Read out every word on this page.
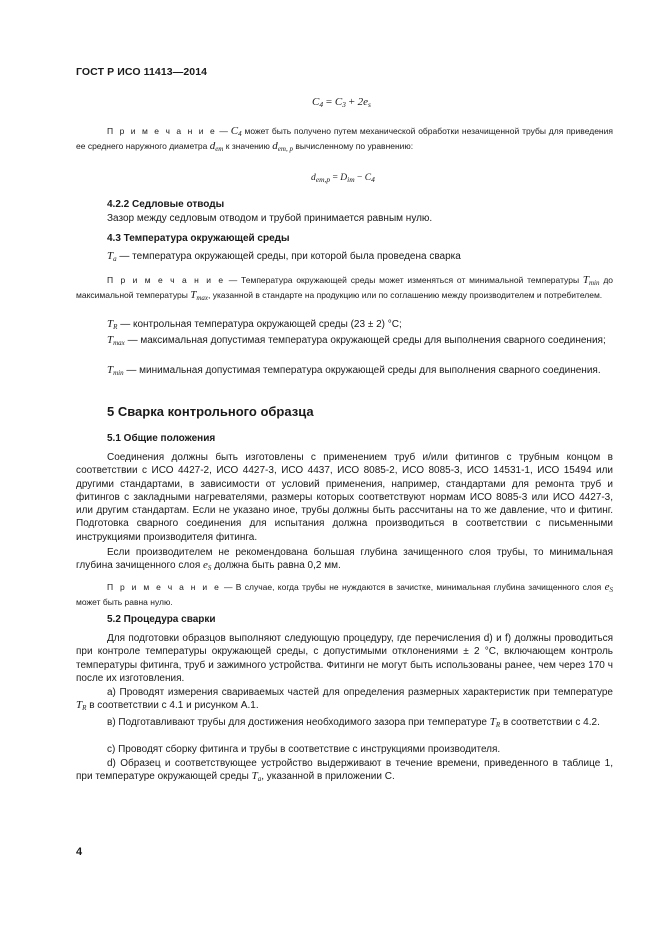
ГОСТ Р ИСО 11413—2014
C4 = C3 + 2es
П р и м е ч а н и е — $C_4$ может быть получено путем механической обработки незачищенной трубы для приведения ее среднего наружного диаметра $d_{em}$ к значению $d_{em, p}$ вычисленному по уравнению:
$d_{em,p} = D_{im} - C_4$
4.2.2 Седловые отводы
Зазор между седловым отводом и трубой принимается равным нулю.
4.3 Температура окружающей среды
$T_a$ — температура окружающей среды, при которой была проведена сварка
П р и м е ч а н и е — Температура окружающей среды может изменяться от минимальной температуры $T_{min}$ до максимальной температуры $T_{max}$, указанной в стандарте на продукцию или по соглашению между производителем и потребителем.
$T_R$ — контрольная температура окружающей среды (23 ± 2) °C;
$T_{max}$ — максимальная допустимая температура окружающей среды для выполнения сварного соединения;
$T_{min}$ — минимальная допустимая температура окружающей среды для выполнения сварного соединения.
5 Сварка контрольного образца
5.1 Общие положения
Соединения должны быть изготовлены с применением труб и/или фитингов с трубным концом в соответствии с ИСО 4427-2, ИСО 4427-3, ИСО 4437, ИСО 8085-2, ИСО 8085-3, ИСО 14531-1, ИСО 15494 или другими стандартами, в зависимости от условий применения, например, стандартами для ремонта труб и фитингов с закладными нагревателями, размеры которых соответствуют нормам ИСО 8085-3 или ИСО 4427-3, или другим стандартам. Если не указано иное, трубы должны быть рассчитаны на то же давление, что и фитинг. Подготовка сварного соединения для испытания должна производиться в соответствии с письменными инструкциями производителя фитинга.
Если производителем не рекомендована большая глубина зачищенного слоя трубы, то минимальная глубина зачищенного слоя $e_S$ должна быть равна 0,2 мм.
П р и м е ч а н и е — В случае, когда трубы не нуждаются в зачистке, минимальная глубина зачищенного слоя $e_S$ может быть равна нулю.
5.2 Процедура сварки
Для подготовки образцов выполняют следующую процедуру, где перечисления d) и f) должны проводиться при контроле температуры окружающей среды, с допустимыми отклонениями ± 2 °C, включающем контроль температуры фитинга, труб и зажимного устройства. Фитинги не могут быть использованы ранее, чем через 170 ч после их изготовления.
а) Проводят измерения свариваемых частей для определения размерных характеристик при температуре $T_R$ в соответствии с 4.1 и рисунком А.1.
в) Подготавливают трубы для достижения необходимого зазора при температуре $T_R$ в соответствии с 4.2.
c) Проводят сборку фитинга и трубы в соответствие с инструкциями производителя.
d) Образец и соответствующее устройство выдерживают в течение времени, приведенного в таблице 1, при температуре окружающей среды $T_a$, указанной в приложении С.
4
